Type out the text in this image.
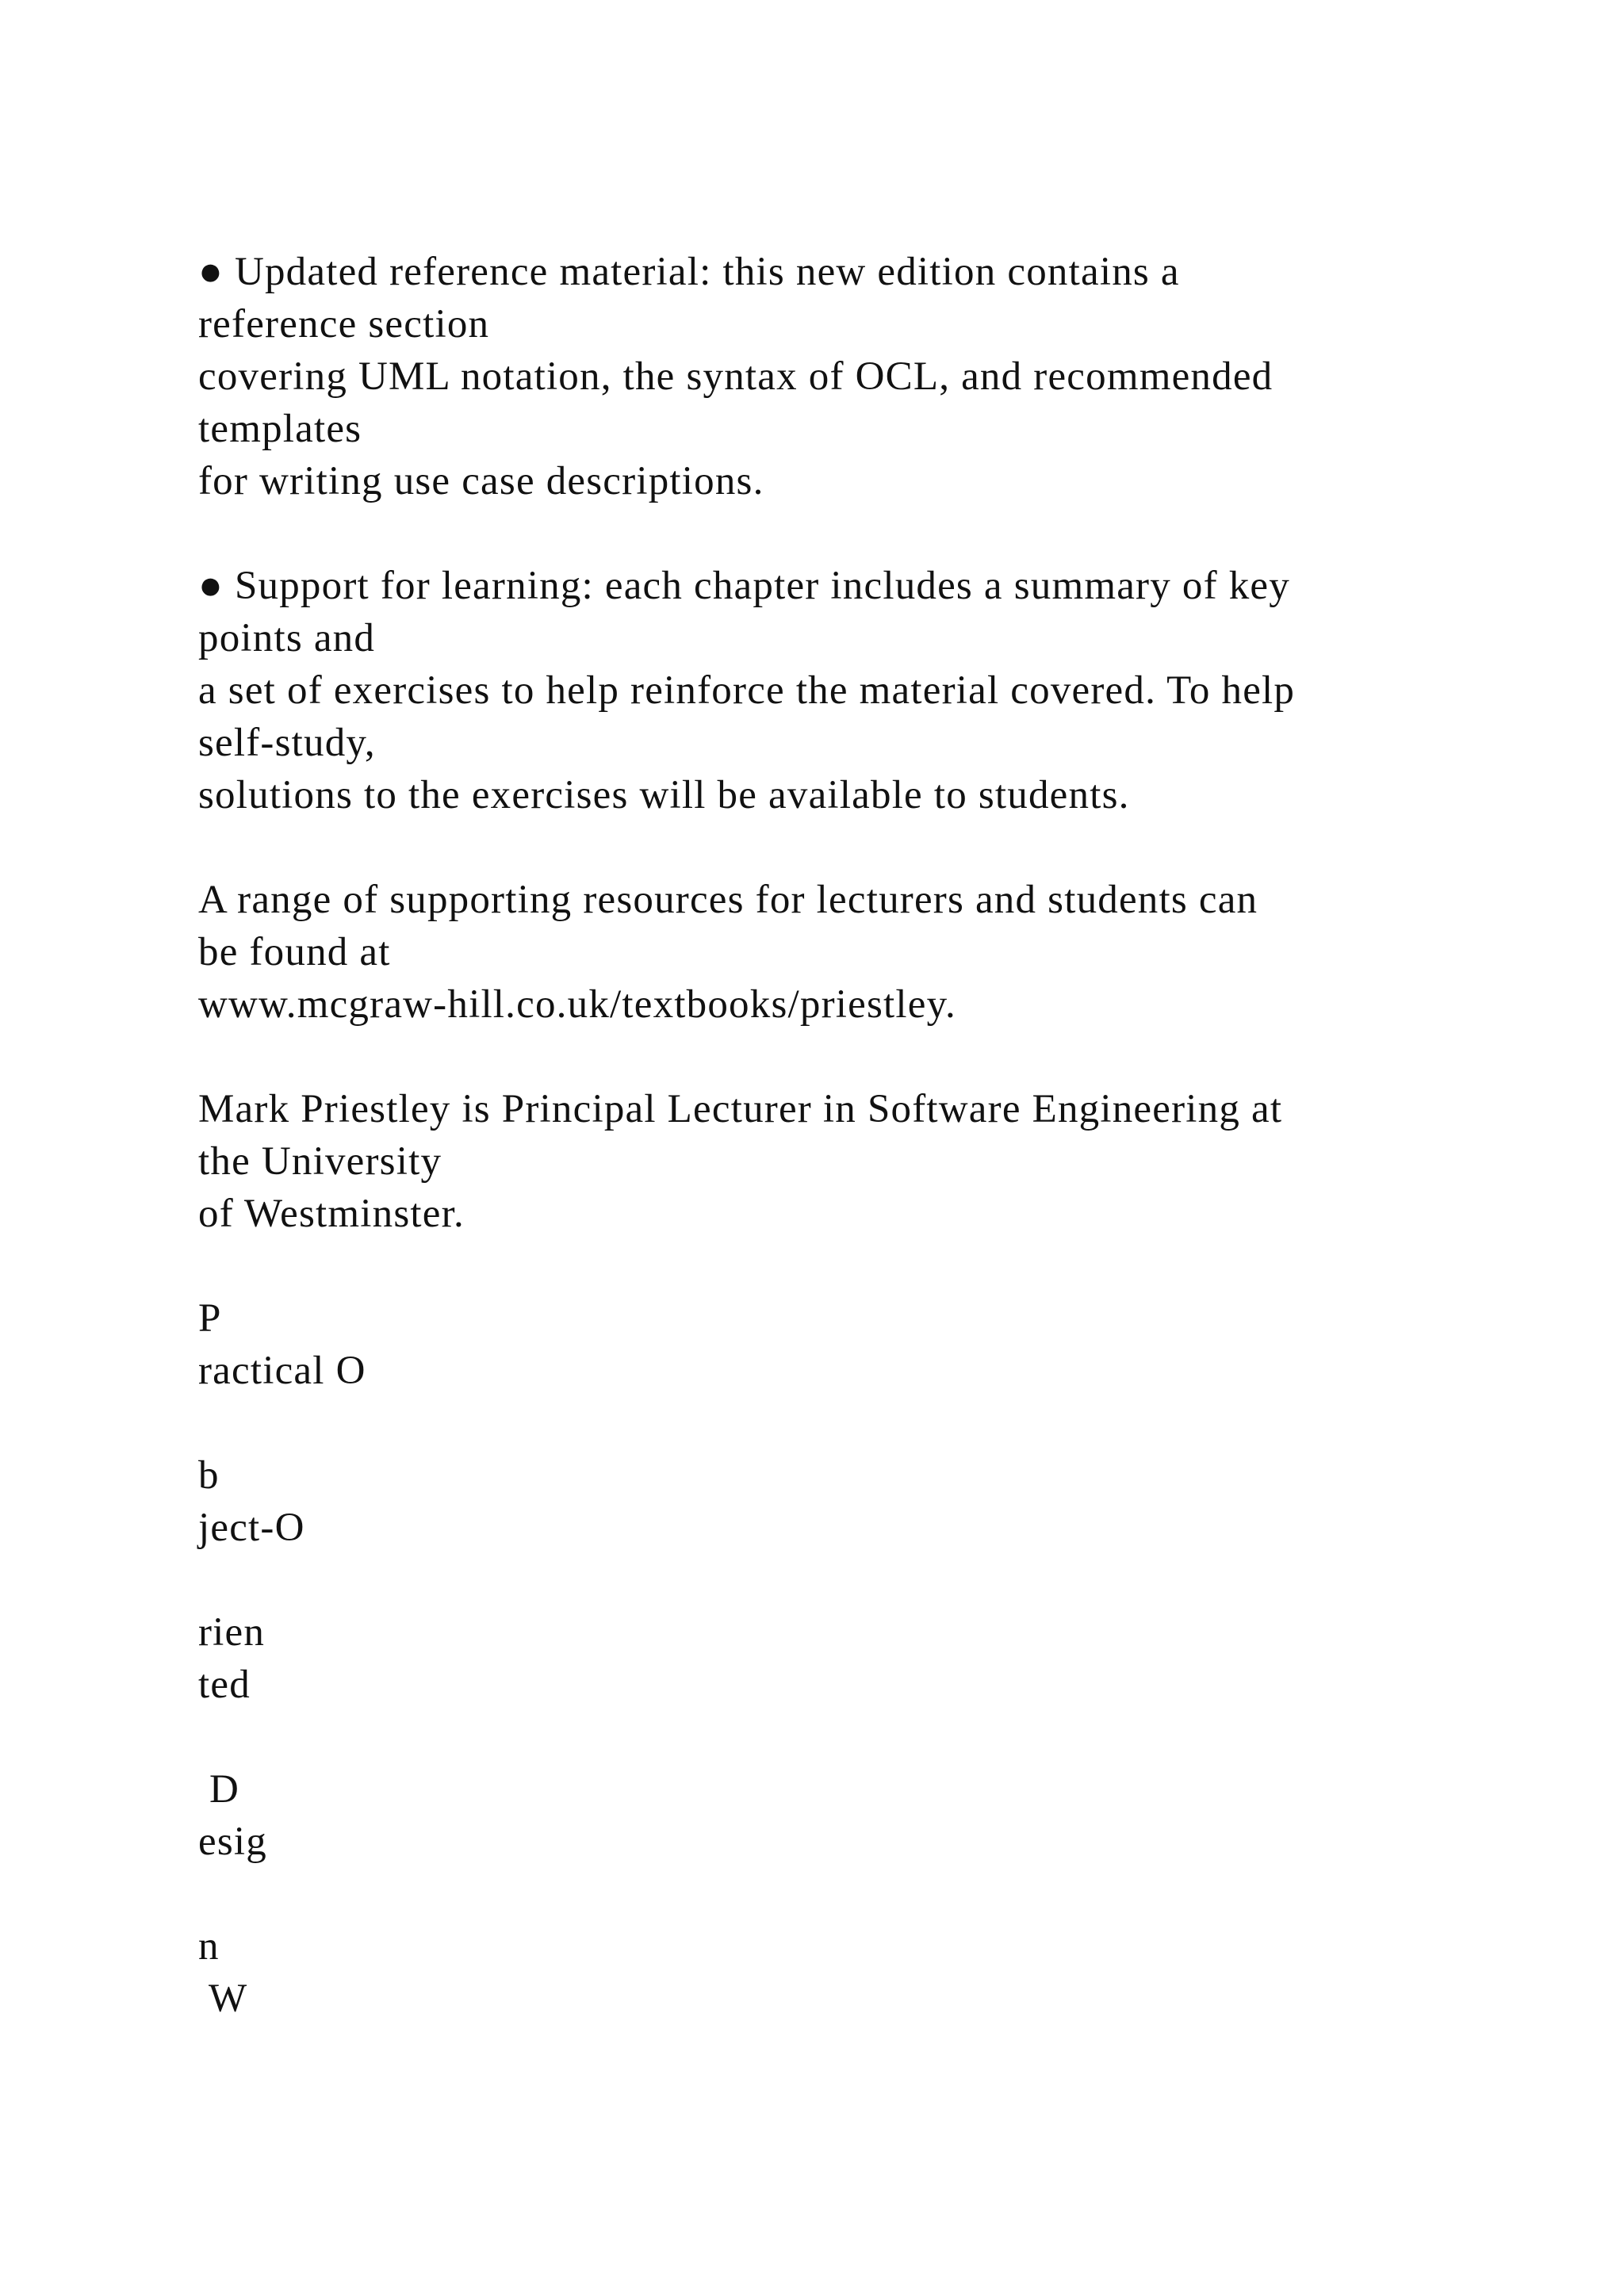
● Updated reference material: this new edition contains a
reference section
covering UML notation, the syntax of OCL, and recommended
templates
for writing use case descriptions.
● Support for learning: each chapter includes a summary of key
points and
a set of exercises to help reinforce the material covered. To help
self-study,
solutions to the exercises will be available to students.
A range of supporting resources for lecturers and students can
be found at
www.mcgraw-hill.co.uk/textbooks/priestley.
Mark Priestley is Principal Lecturer in Software Engineering at
the University
of Westminster.
P
ractical O
b
ject-O
rien
ted
D
esig
n
W
